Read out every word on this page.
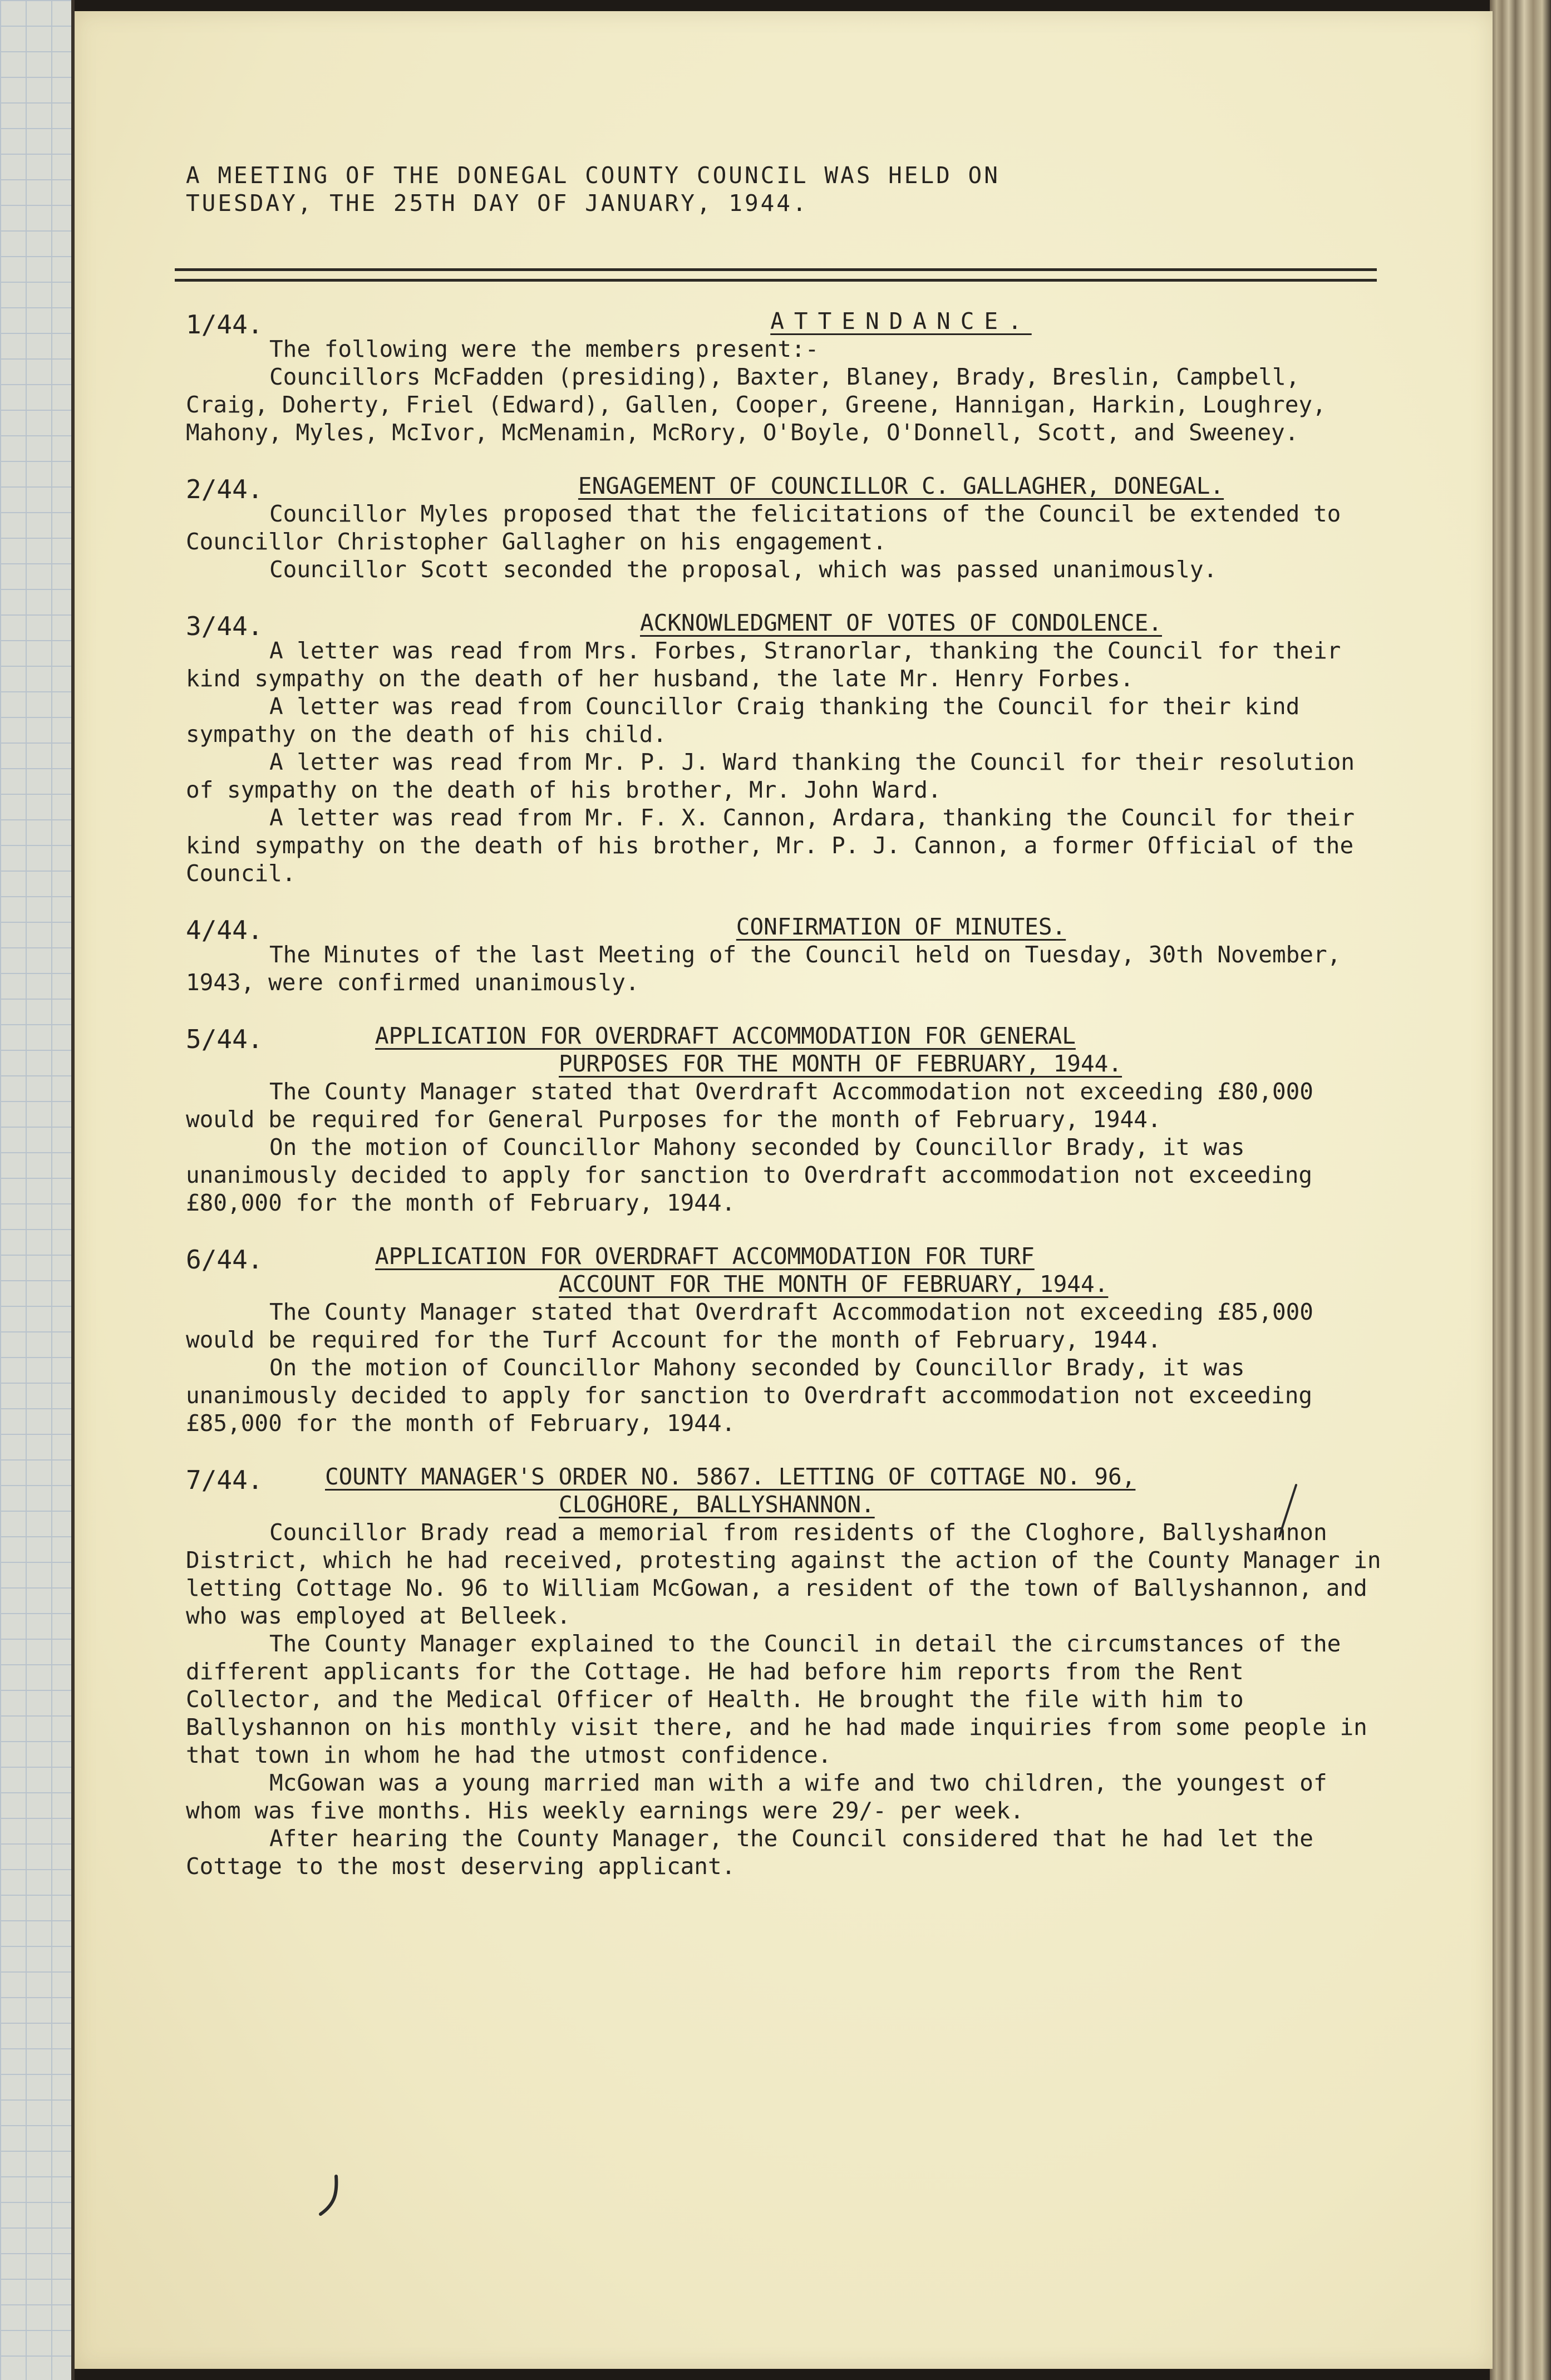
A MEETING OF THE DONEGAL COUNTY COUNCIL WAS HELD ON
TUESDAY, THE 25TH DAY OF JANUARY, 1944.
1/44.	ATTENDANCE.

The following were the members present:-

Councillors McFadden (presiding), Baxter, Blaney, Brady, Breslin, Campbell, Craig, Doherty, Friel (Edward), Gallen, Cooper, Greene, Hannigan, Harkin, Loughrey, Mahony, Myles, McIvor, McMenamin, McRory, O'Boyle, O'Donnell, Scott, and Sweeney.

2/44.	ENGAGEMENT OF COUNCILLOR C. GALLAGHER, DONEGAL.

Councillor Myles proposed that the felicitations of the Council be extended to Councillor Christopher Gallagher on his engagement.

Councillor Scott seconded the proposal, which was passed unanimously.

3/44.	ACKNOWLEDGMENT OF VOTES OF CONDOLENCE.

A letter was read from Mrs. Forbes, Stranorlar, thanking the Council for their kind sympathy on the death of her husband, the late Mr. Henry Forbes.

A letter was read from Councillor Craig thanking the Council for their kind sympathy on the death of his child.

A letter was read from Mr. P. J. Ward thanking the Council for their resolution of sympathy on the death of his brother, Mr. John Ward.

A letter was read from Mr. F. X. Cannon, Ardara, thanking the Council for their kind sympathy on the death of his brother, Mr. P. J. Cannon, a former Official of the Council.

4/44.	CONFIRMATION OF MINUTES.

The Minutes of the last Meeting of the Council held on Tuesday, 30th November, 1943, were confirmed unanimously.

5/44.	APPLICATION FOR OVERDRAFT ACCOMMODATION FOR GENERAL
PURPOSES FOR THE MONTH OF FEBRUARY, 1944.

The County Manager stated that Overdraft Accommodation not exceeding £80,000 would be required for General Purposes for the month of February, 1944.

On the motion of Councillor Mahony seconded by Councillor Brady, it was unanimously decided to apply for sanction to Overdraft accommodation not exceeding £80,000 for the month of February, 1944.

6/44.	APPLICATION FOR OVERDRAFT ACCOMMODATION FOR TURF
ACCOUNT FOR THE MONTH OF FEBRUARY, 1944.

The County Manager stated that Overdraft Accommodation not exceeding £85,000 would be required for the Turf Account for the month of February, 1944.

On the motion of Councillor Mahony seconded by Councillor Brady, it was unanimously decided to apply for sanction to Overdraft accommodation not exceeding £85,000 for the month of February, 1944.

7/44.	COUNTY MANAGER'S ORDER NO. 5867. LETTING OF COTTAGE NO. 96,
CLOGHORE, BALLYSHANNON.

Councillor Brady read a memorial from residents of the Cloghore, Ballyshannon District, which he had received, protesting against the action of the County Manager in letting Cottage No. 96 to William McGowan, a resident of the town of Ballyshannon, and who was employed at Belleek.

The County Manager explained to the Council in detail the circumstances of the different applicants for the Cottage. He had before him reports from the Rent Collector, and the Medical Officer of Health. He brought the file with him to Ballyshannon on his monthly visit there, and he had made inquiries from some people in that town in whom he had the utmost confidence.

McGowan was a young married man with a wife and two children, the youngest of whom was five months. His weekly earnings were 29/- per week.

After hearing the County Manager, the Council considered that he had let the Cottage to the most deserving applicant.
